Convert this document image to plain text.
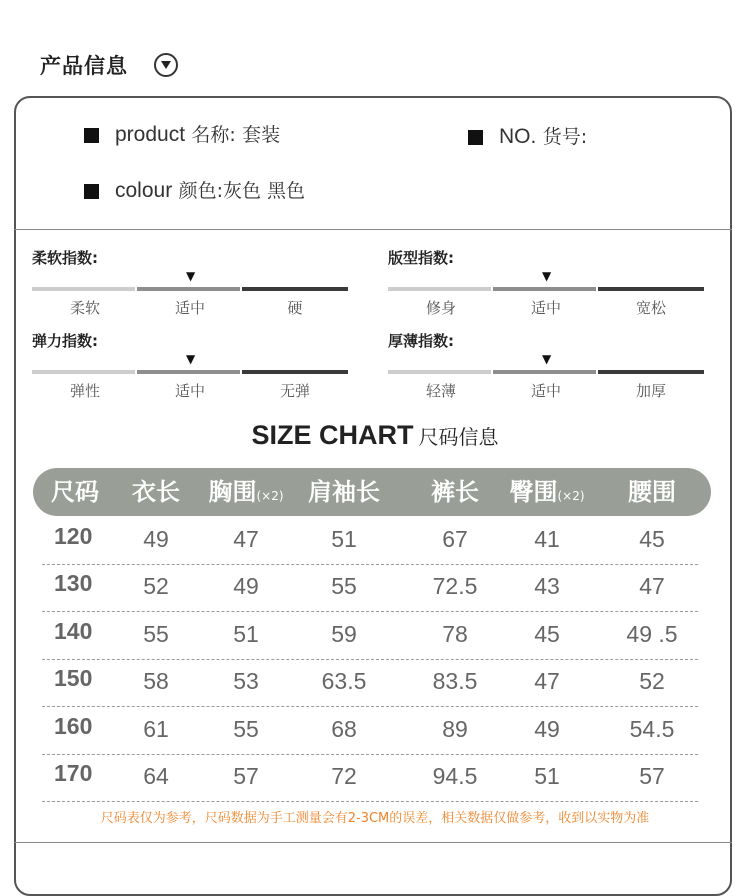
产品信息
product 名称: 套装	NO. 货号:
colour 颜色:灰色 黑色
柔软指数:
▼
柔软	适中	硬
版型指数:
▼
修身	适中	宽松
弹力指数:
▼
弹性	适中	无弹
厚薄指数:
▼
轻薄	适中	加厚
SIZE CHART 尺码信息
尺码	衣长	胸围(×2)	肩袖长	裤长	臀围(×2)	腰围
120	49	47	51	67	41	45
130	52	49	55	72.5	43	47
140	55	51	59	78	45	49 .5
150	58	53	63.5	83.5	47	52
160	61	55	68	89	49	54.5
170	64	57	72	94.5	51	57
尺码表仅为参考，尺码数据为手工测量会有2-3CM的误差，相关数据仅做参考，收到以实物为准
